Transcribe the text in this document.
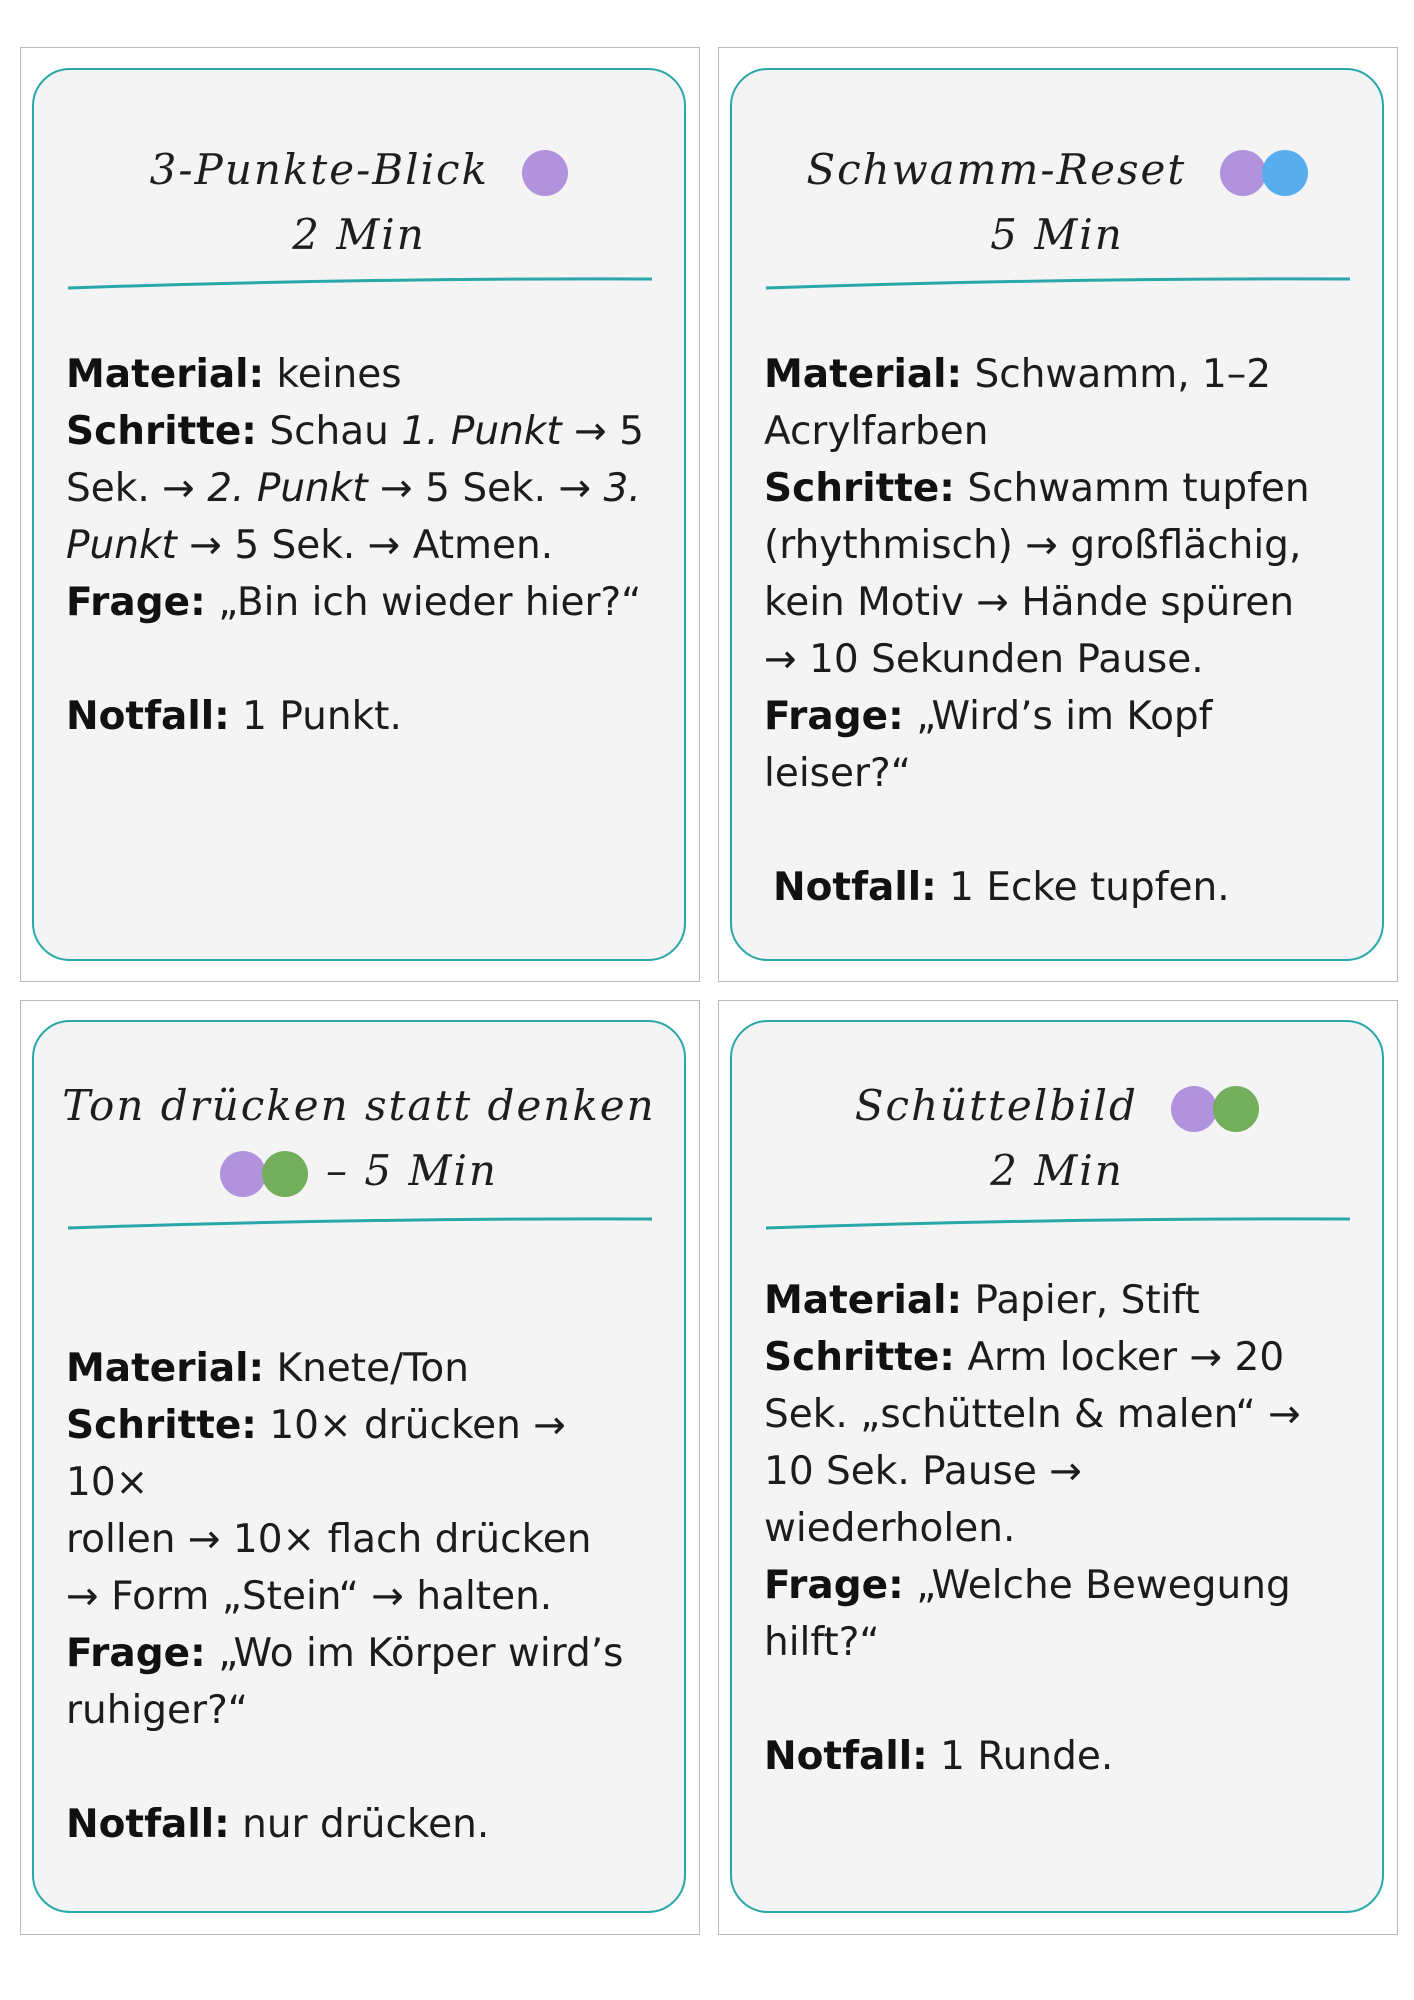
3-Punkte-Blick
2 Min

Material: keines

Schritte: Schau 1. Punkt → 5
Sek. → 2. Punkt → 5 Sek. → 3.
Punkt → 5 Sek. → Atmen.

Frage: „Bin ich wieder hier?“

Notfall: 1 Punkt.

Schwamm-Reset
5 Min

Material: Schwamm, 1–2
Acrylfarben

Schritte: Schwamm tupfen
(rhythmisch) → großflächig,
kein Motiv → Hände spüren
→ 10 Sekunden Pause.

Frage: „Wird’s im Kopf
leiser?“

Notfall: 1 Ecke tupfen.

Ton drücken statt denken
– 5 Min

Material: Knete/Ton

Schritte: 10× drücken → 10×
rollen → 10× flach drücken
→ Form „Stein“ → halten.

Frage: „Wo im Körper wird’s
ruhiger?“

Notfall: nur drücken.

Schüttelbild
2 Min

Material: Papier, Stift

Schritte: Arm locker → 20
Sek. „schütteln & malen“ →
10 Sek. Pause →
wiederholen.

Frage: „Welche Bewegung
hilft?“

Notfall: 1 Runde.
